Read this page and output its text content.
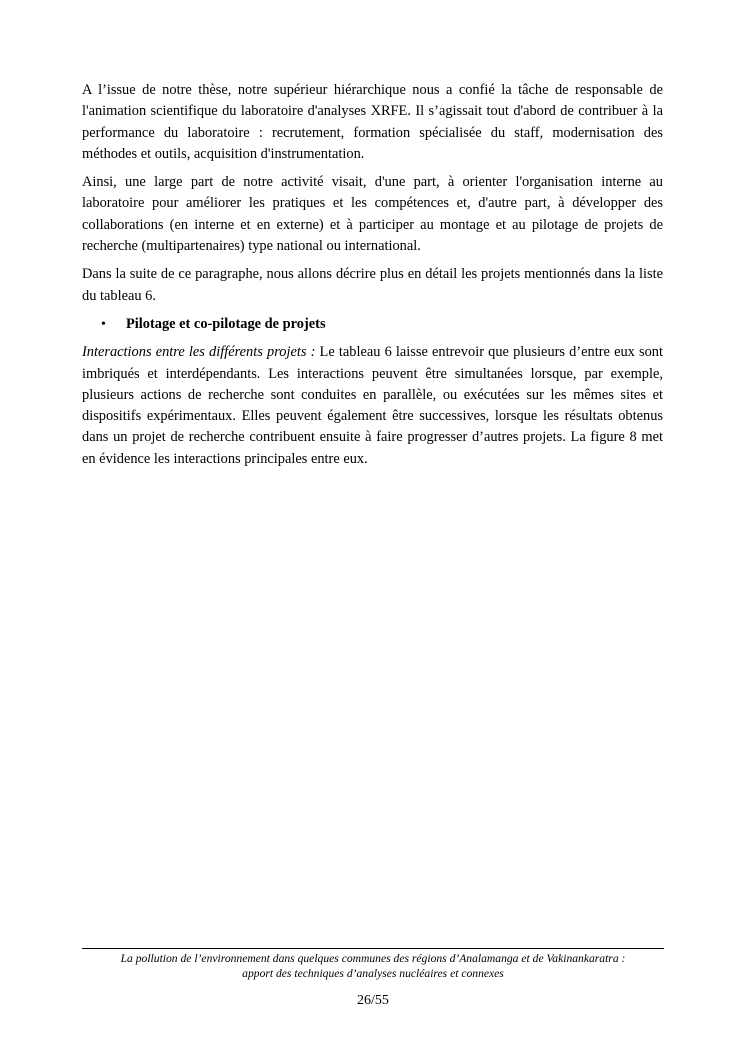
A l’issue de notre thèse, notre supérieur hiérarchique nous a confié la tâche de responsable de l'animation scientifique du laboratoire d'analyses XRFE. Il s’agissait tout d'abord de contribuer à la performance du laboratoire : recrutement, formation spécialisée du staff, modernisation des méthodes et outils, acquisition d'instrumentation.

Ainsi, une large part de notre activité visait, d'une part, à orienter l'organisation interne au laboratoire pour améliorer les pratiques et les compétences et, d'autre part, à développer des collaborations (en interne et en externe) et à participer au montage et au pilotage de projets de recherche (multipartenaires) type national ou international.

Dans la suite de ce paragraphe, nous allons décrire plus en détail les projets mentionnés dans la liste du tableau 6.

•	Pilotage et co-pilotage de projets

Interactions entre les différents projets : Le tableau 6 laisse entrevoir que plusieurs d’entre eux sont imbriqués et interdépendants. Les interactions peuvent être simultanées lorsque, par exemple, plusieurs actions de recherche sont conduites en parallèle, ou exécutées sur les mêmes sites et dispositifs expérimentaux. Elles peuvent également être successives, lorsque les résultats obtenus dans un projet de recherche contribuent ensuite à faire progresser d’autres projets. La figure 8 met en évidence les interactions principales entre eux.

La pollution de l’environnement dans quelques communes des régions d’Analamanga et de Vakinankaratra :
apport des techniques d’analyses nucléaires et connexes
26/55
